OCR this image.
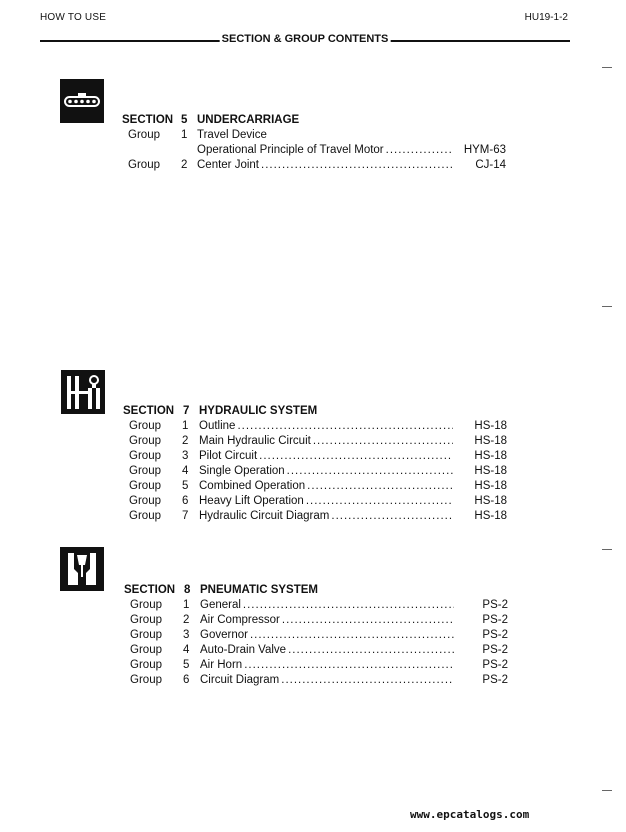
HOW TO USE	HU19-1-2
SECTION & GROUP CONTENTS
SECTION 5 UNDERCARRIAGE
Group 1 Travel Device
Operational Principle of Travel Motor .....	HYM-63
Group 2 Center Joint .....	CJ-14
SECTION 7 HYDRAULIC SYSTEM
Group 1 Outline .....	HS-18
Group 2 Main Hydraulic Circuit .....	HS-18
Group 3 Pilot Circuit .....	HS-18
Group 4 Single Operation .....	HS-18
Group 5 Combined Operation .....	HS-18
Group 6 Heavy Lift Operation .....	HS-18
Group 7 Hydraulic Circuit Diagram .....	HS-18
SECTION 8 PNEUMATIC SYSTEM
Group 1 General .....	PS-2
Group 2 Air Compressor .....	PS-2
Group 3 Governor .....	PS-2
Group 4 Auto-Drain Valve .....	PS-2
Group 5 Air Horn .....	PS-2
Group 6 Circuit Diagram .....	PS-2
www.epcatalogs.com
